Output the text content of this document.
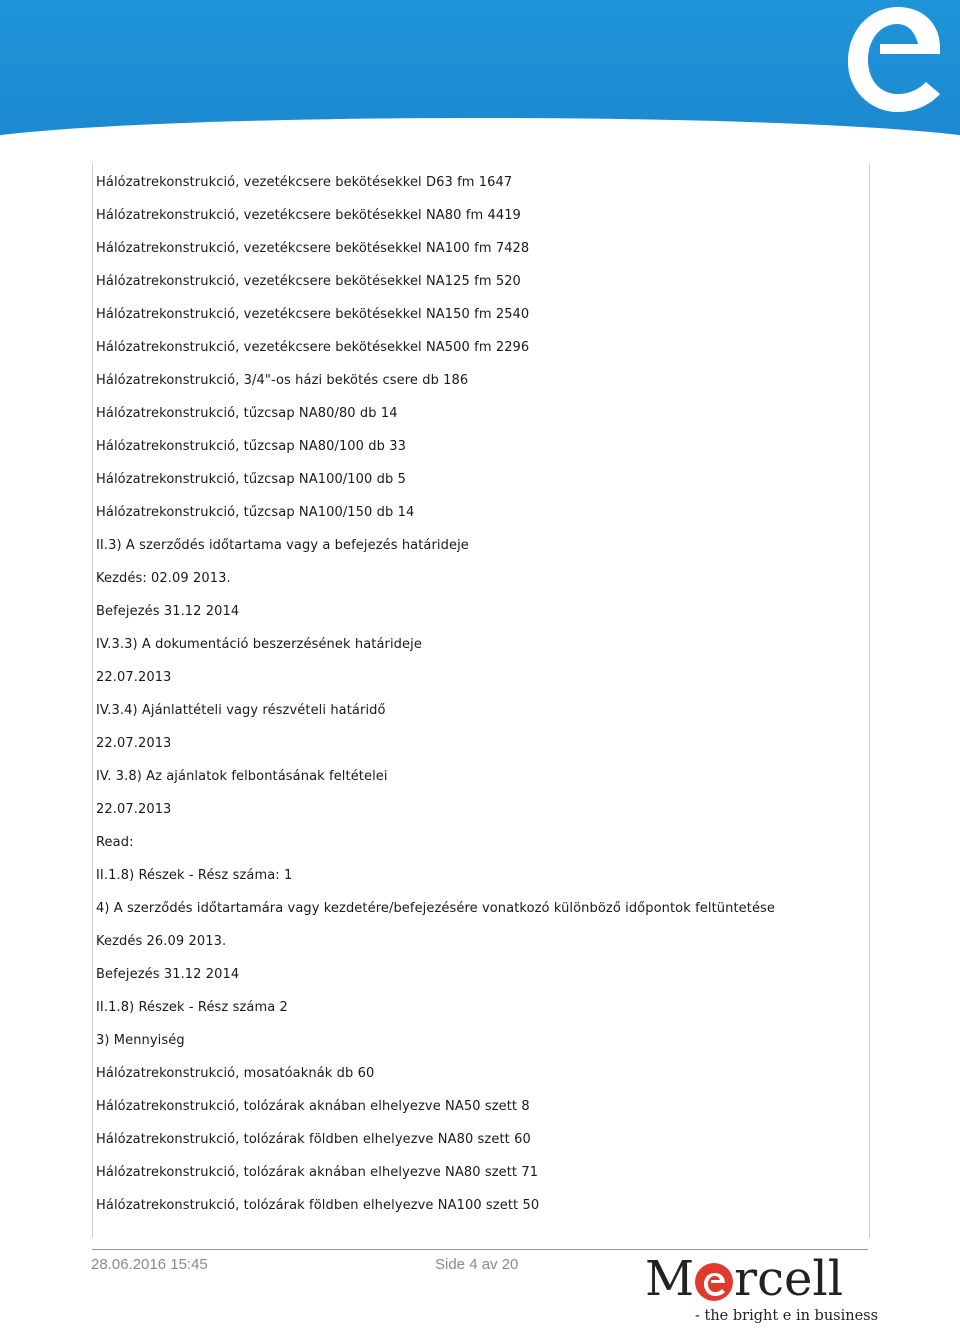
Hálózatrekonstrukció, vezetékcsere bekötésekkel D63 fm 1647
Hálózatrekonstrukció, vezetékcsere bekötésekkel NA80 fm 4419
Hálózatrekonstrukció, vezetékcsere bekötésekkel NA100 fm 7428
Hálózatrekonstrukció, vezetékcsere bekötésekkel NA125 fm 520
Hálózatrekonstrukció, vezetékcsere bekötésekkel NA150 fm 2540
Hálózatrekonstrukció, vezetékcsere bekötésekkel NA500 fm 2296
Hálózatrekonstrukció, 3/4"-os házi bekötés csere db 186
Hálózatrekonstrukció, tűzcsap NA80/80 db 14
Hálózatrekonstrukció, tűzcsap NA80/100 db 33
Hálózatrekonstrukció, tűzcsap NA100/100 db 5
Hálózatrekonstrukció, tűzcsap NA100/150 db 14
II.3) A szerződés időtartama vagy a befejezés határideje
Kezdés: 02.09 2013.
Befejezés 31.12 2014
IV.3.3) A dokumentáció beszerzésének határideje
22.07.2013
IV.3.4) Ajánlattételi vagy részvételi határidő
22.07.2013
IV. 3.8) Az ajánlatok felbontásának feltételei
22.07.2013
Read:
II.1.8) Részek - Rész száma: 1
4) A szerződés időtartamára vagy kezdetére/befejezésére vonatkozó különböző időpontok feltüntetése
Kezdés 26.09 2013.
Befejezés 31.12 2014
II.1.8) Részek - Rész száma 2
3) Mennyiség
Hálózatrekonstrukció, mosatóaknák db 60
Hálózatrekonstrukció, tolózárak aknában elhelyezve NA50 szett 8
Hálózatrekonstrukció, tolózárak földben elhelyezve NA80 szett 60
Hálózatrekonstrukció, tolózárak aknában elhelyezve NA80 szett 71
Hálózatrekonstrukció, tolózárak földben elhelyezve NA100 szett 50
28.06.2016 15:45	Side 4 av 20	M rcell
- the bright e in business
